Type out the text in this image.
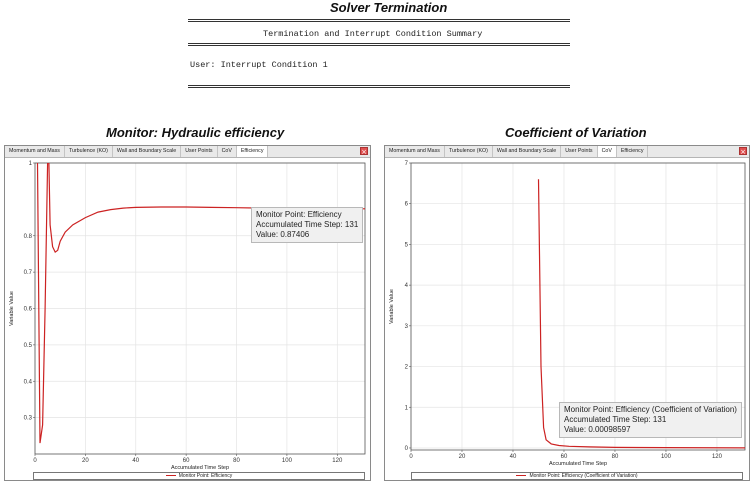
Solver Termination
Termination and Interrupt Condition Summary
User: Interrupt Condition 1
Monitor: Hydraulic efficiency	Coefficient of Variation
Momentum and Mass	Turbulence (KO)	Wall and Boundary Scale	User Points	CoV	Efficiency	×
0	20	40	60	80	100	120
0.3
0.4
0.5
0.6
0.7
0.8
1
Accumulated Time Step
Variable Value
Monitor Point: Efficiency
Accumulated Time Step: 131
Value: 0.87406
Monitor Point: Efficiency
Momentum and Mass	Turbulence (KO)	Wall and Boundary Scale	User Points	CoV	Efficiency	×
0	20	40	60	80	100	120
0
1
2
3
4
5
6
7
Accumulated Time Step
Variable Value
Monitor Point: Efficiency (Coefficient of Variation)
Accumulated Time Step: 131
Value: 0.00098597
Monitor Point: Efficiency (Coefficient of Variation)
